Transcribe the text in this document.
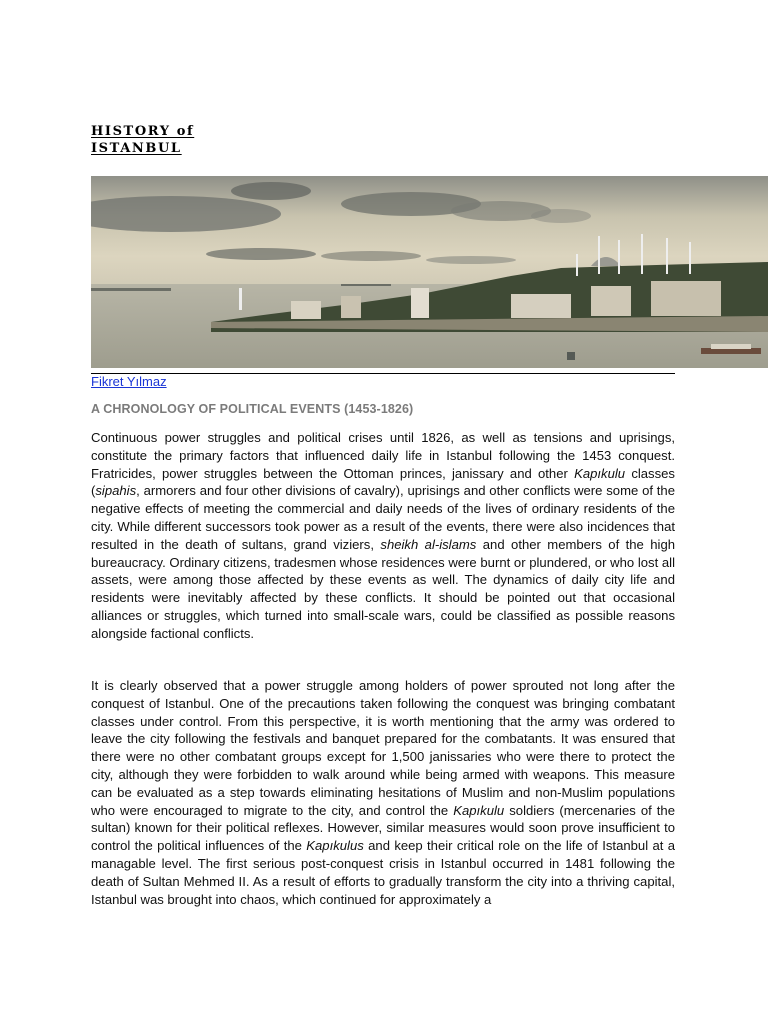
HISTORY of
ISTANBUL
Fikret Yılmaz
A CHRONOLOGY OF POLITICAL EVENTS (1453-1826)

Continuous power struggles and political crises until 1826, as well as tensions and uprisings, constitute the primary factors that influenced daily life in Istanbul following the 1453 conquest. Fratricides, power struggles between the Ottoman princes, janissary and other Kapıkulu classes (sipahis, armorers and four other divisions of cavalry), uprisings and other conflicts were some of the negative effects of meeting the commercial and daily needs of the lives of ordinary residents of the city. While different successors took power as a result of the events, there were also incidences that resulted in the death of sultans, grand viziers, sheikh al-islams and other members of the high bureaucracy. Ordinary citizens, tradesmen whose residences were burnt or plundered, or who lost all assets, were among those affected by these events as well. The dynamics of daily city life and residents were inevitably affected by these conflicts. It should be pointed out that occasional alliances or struggles, which turned into small-scale wars, could be classified as possible reasons alongside factional conflicts.

It is clearly observed that a power struggle among holders of power sprouted not long after the conquest of Istanbul. One of the precautions taken following the conquest was bringing combatant classes under control. From this perspective, it is worth mentioning that the army was ordered to leave the city following the festivals and banquet prepared for the combatants. It was ensured that there were no other combatant groups except for 1,500 janissaries who were there to protect the city, although they were forbidden to walk around while being armed with weapons. This measure can be evaluated as a step towards eliminating hesitations of Muslim and non-Muslim populations who were encouraged to migrate to the city, and control the Kapıkulu soldiers (mercenaries of the sultan) known for their political reflexes. However, similar measures would soon prove insufficient to control the political influences of the Kapıkulus and keep their critical role on the life of Istanbul at a managable level. The first serious post-conquest crisis in Istanbul occurred in 1481 following the death of Sultan Mehmed II. As a result of efforts to gradually transform the city into a thriving capital, Istanbul was brought into chaos, which continued for approximately a
